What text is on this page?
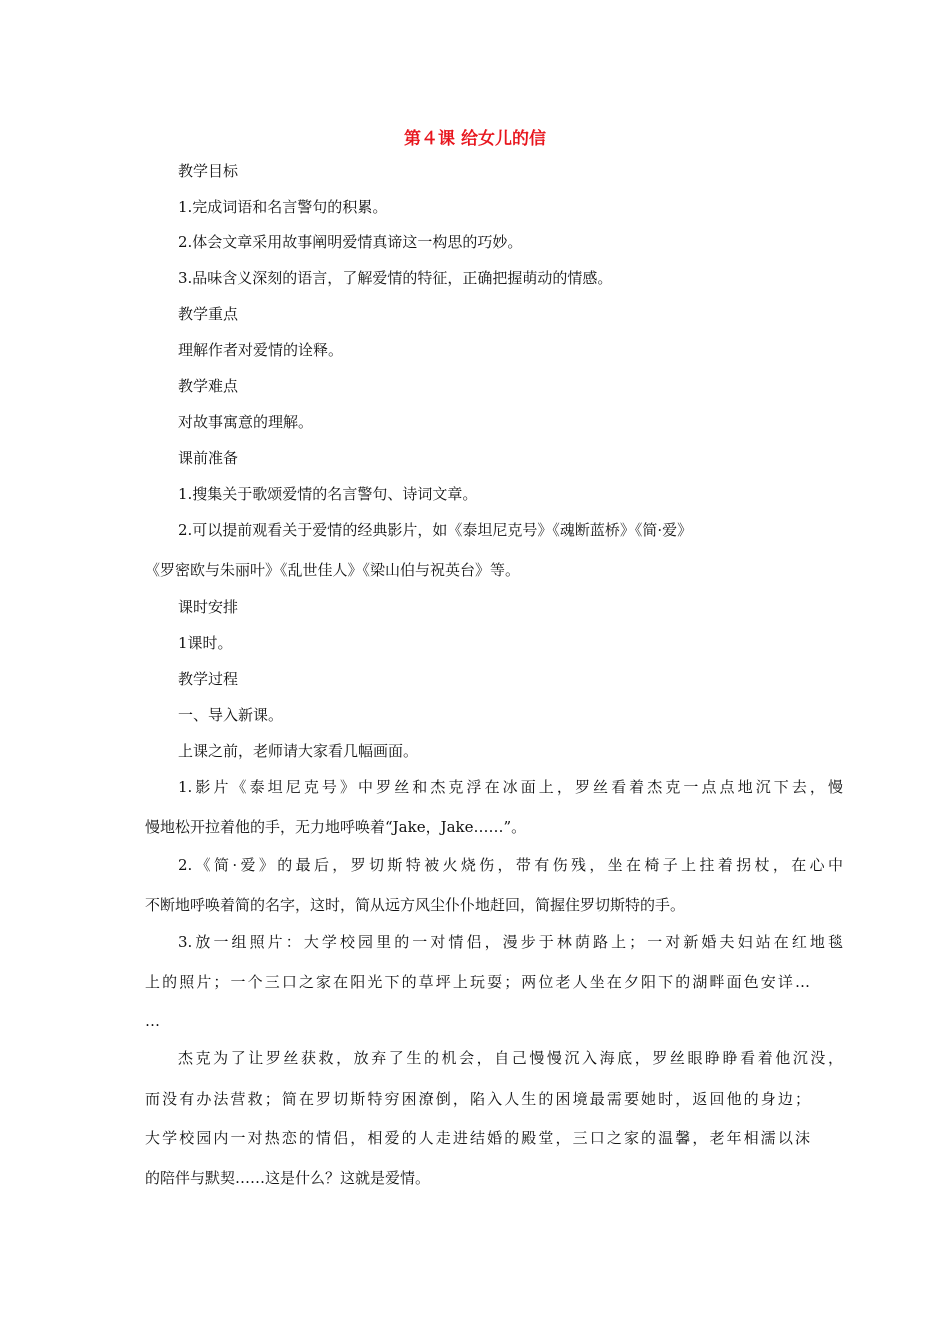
第４课 给女儿的信

教学目标

1.完成词语和名言警句的积累。

2.体会文章采用故事阐明爱情真谛这一构思的巧妙。

3.品味含义深刻的语言，了解爱情的特征，正确把握萌动的情感。

教学重点

理解作者对爱情的诠释。

教学难点

对故事寓意的理解。

课前准备

1.搜集关于歌颂爱情的名言警句、诗词文章。

2.可以提前观看关于爱情的经典影片，如《泰坦尼克号》《魂断蓝桥》《简·爱》

《罗密欧与朱丽叶》《乱世佳人》《梁山伯与祝英台》等。

课时安排

1课时。

教学过程

一、导入新课。

上课之前，老师请大家看几幅画面。

1.影片《泰坦尼克号》中罗丝和杰克浮在冰面上，罗丝看着杰克一点点地沉下去，慢

慢地松开拉着他的手，无力地呼唤着“Jake，Jake……”。

2.《简·爱》的最后，罗切斯特被火烧伤，带有伤残，坐在椅子上拄着拐杖，在心中

不断地呼唤着简的名字，这时，简从远方风尘仆仆地赶回，简握住罗切斯特的手。

3.放一组照片：大学校园里的一对情侣，漫步于林荫路上；一对新婚夫妇站在红地毯

上的照片；一个三口之家在阳光下的草坪上玩耍；两位老人坐在夕阳下的湖畔面色安详…

…

杰克为了让罗丝获救，放弃了生的机会，自己慢慢沉入海底，罗丝眼睁睁看着他沉没，

而没有办法营救；简在罗切斯特穷困潦倒，陷入人生的困境最需要她时，返回他的身边；

大学校园内一对热恋的情侣，相爱的人走进结婚的殿堂，三口之家的温馨，老年相濡以沫

的陪伴与默契……这是什么？这就是爱情。
